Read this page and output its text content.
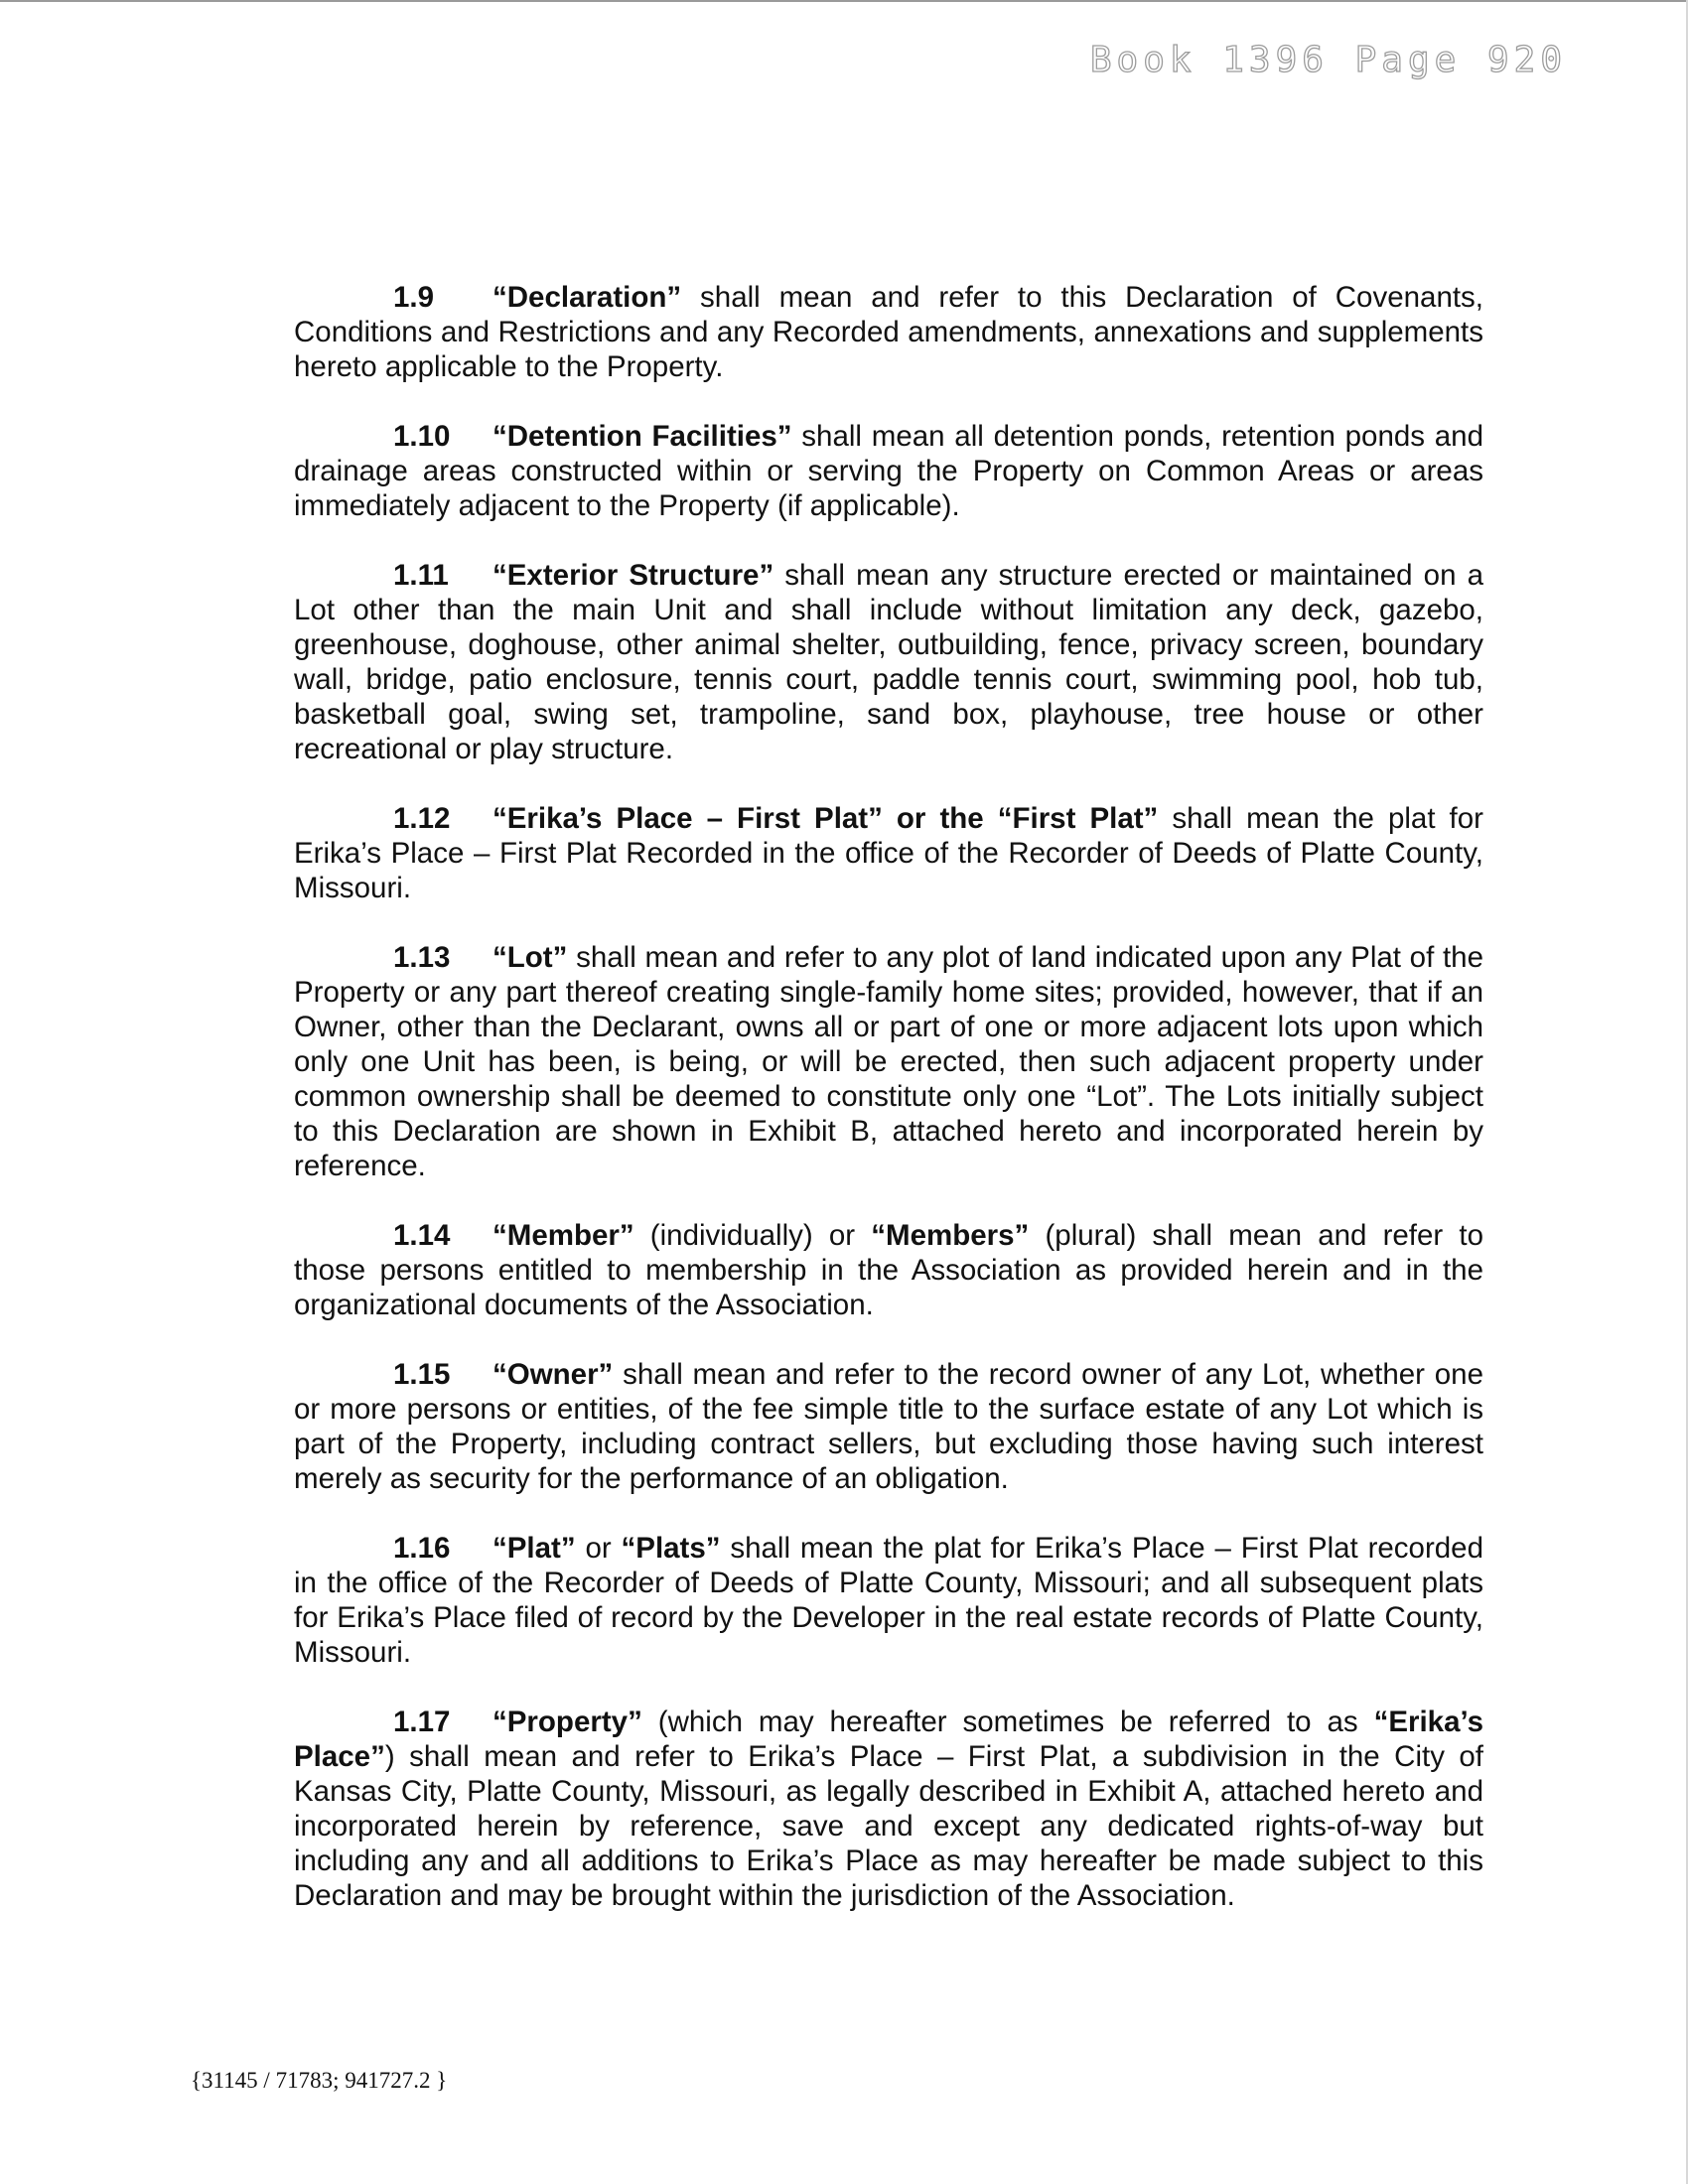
Book 1396 Page 920

1.9 “Declaration” shall mean and refer to this Declaration of Covenants, Conditions and Restrictions and any Recorded amendments, annexations and supplements hereto applicable to the Property.

1.10 “Detention Facilities” shall mean all detention ponds, retention ponds and drainage areas constructed within or serving the Property on Common Areas or areas immediately adjacent to the Property (if applicable).

1.11 “Exterior Structure” shall mean any structure erected or maintained on a Lot other than the main Unit and shall include without limitation any deck, gazebo, greenhouse, doghouse, other animal shelter, outbuilding, fence, privacy screen, boundary wall, bridge, patio enclosure, tennis court, paddle tennis court, swimming pool, hob tub, basketball goal, swing set, trampoline, sand box, playhouse, tree house or other recreational or play structure.

1.12 “Erika’s Place – First Plat” or the “First Plat” shall mean the plat for Erika’s Place – First Plat Recorded in the office of the Recorder of Deeds of Platte County, Missouri.

1.13 “Lot” shall mean and refer to any plot of land indicated upon any Plat of the Property or any part thereof creating single-family home sites; provided, however, that if an Owner, other than the Declarant, owns all or part of one or more adjacent lots upon which only one Unit has been, is being, or will be erected, then such adjacent property under common ownership shall be deemed to constitute only one “Lot”. The Lots initially subject to this Declaration are shown in Exhibit B, attached hereto and incorporated herein by reference.

1.14 “Member” (individually) or “Members” (plural) shall mean and refer to those persons entitled to membership in the Association as provided herein and in the organizational documents of the Association.

1.15 “Owner” shall mean and refer to the record owner of any Lot, whether one or more persons or entities, of the fee simple title to the surface estate of any Lot which is part of the Property, including contract sellers, but excluding those having such interest merely as security for the performance of an obligation.

1.16 “Plat” or “Plats” shall mean the plat for Erika’s Place – First Plat recorded in the office of the Recorder of Deeds of Platte County, Missouri; and all subsequent plats for Erika’s Place filed of record by the Developer in the real estate records of Platte County, Missouri.

1.17 “Property” (which may hereafter sometimes be referred to as “Erika’s Place”) shall mean and refer to Erika’s Place – First Plat, a subdivision in the City of Kansas City, Platte County, Missouri, as legally described in Exhibit A, attached hereto and incorporated herein by reference, save and except any dedicated rights-of-way but including any and all additions to Erika’s Place as may hereafter be made subject to this Declaration and may be brought within the jurisdiction of the Association.

{31145 / 71783; 941727.2 }
